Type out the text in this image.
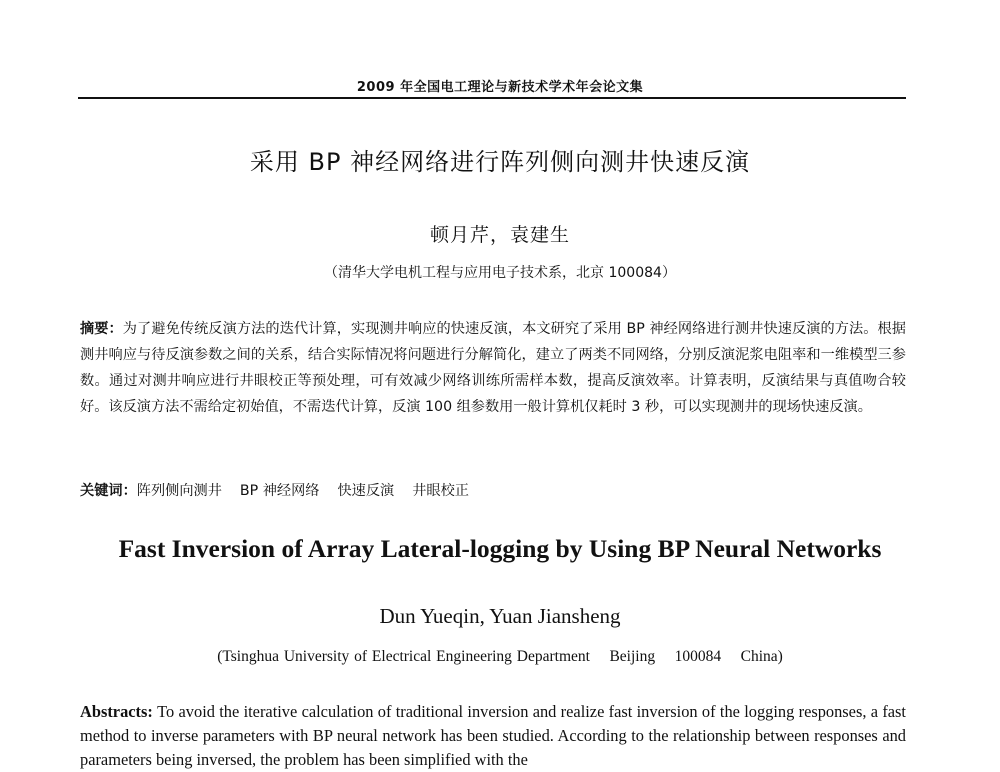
2009 年全国电工理论与新技术学术年会论文集
采用 BP 神经网络进行阵列侧向测井快速反演
顿月芹，袁建生
（清华大学电机工程与应用电子技术系，北京 100084）
摘要：为了避免传统反演方法的迭代计算，实现测井响应的快速反演，本文研究了采用 BP 神经网络进行测井快速反演的方法。根据测井响应与待反演参数之间的关系，结合实际情况将问题进行分解简化，建立了两类不同网络，分别反演泥浆电阻率和一维模型三参数。通过对测井响应进行井眼校正等预处理，可有效减少网络训练所需样本数，提高反演效率。计算表明，反演结果与真值吻合较好。该反演方法不需给定初始值，不需迭代计算，反演 100 组参数用一般计算机仅耗时 3 秒，可以实现测井的现场快速反演。
关键词：阵列侧向测井 BP 神经网络 快速反演 井眼校正
Fast Inversion of Array Lateral-logging by Using BP Neural Networks
Dun Yueqin, Yuan Jiansheng
(Tsinghua University of Electrical Engineering Department    Beijing    100084    China)
Abstracts: To avoid the iterative calculation of traditional inversion and realize fast inversion of the logging responses, a fast method to inverse parameters with BP neural network has been studied. According to the relationship between responses and parameters being inversed, the problem has been simplified with the
